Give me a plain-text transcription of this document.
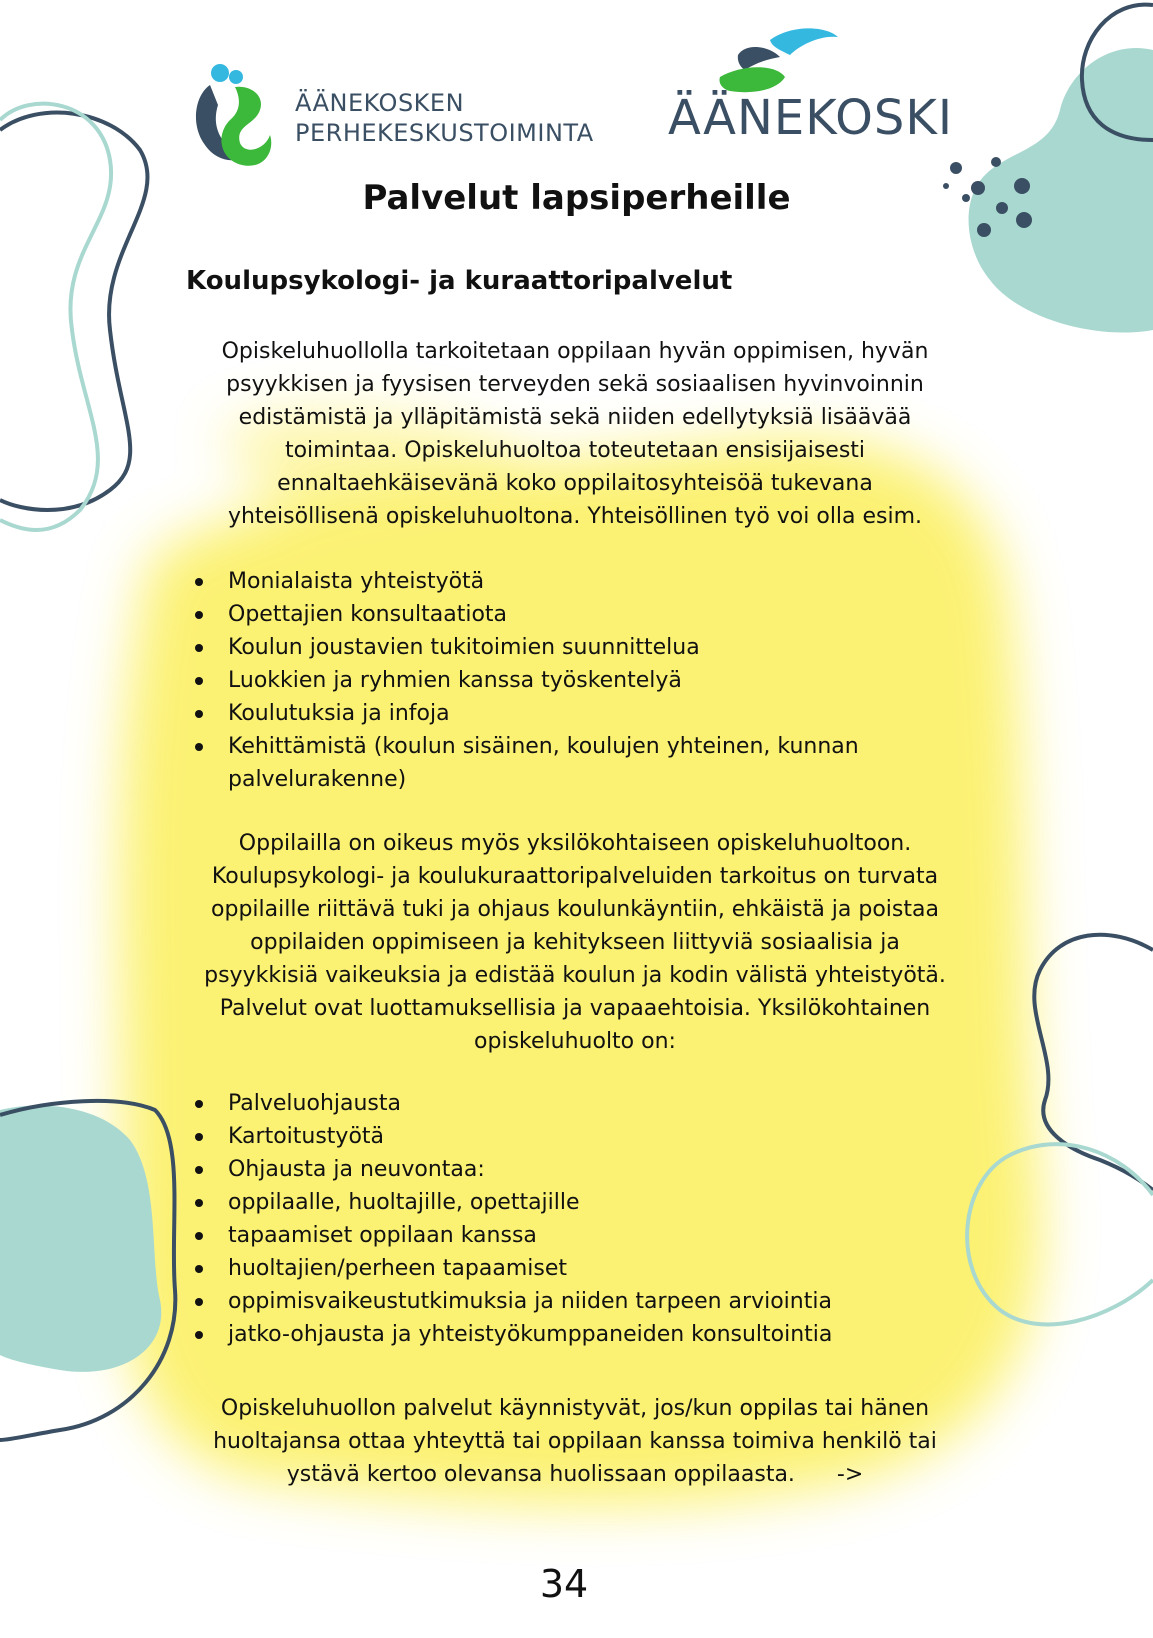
ÄÄNEKOSKEN
PERHEKESKUSTOIMINTA ÄÄNEKOSKI
Palvelut lapsiperheille
Koulupsykologi- ja kuraattoripalvelut
Opiskeluhuollolla tarkoitetaan oppilaan hyvän oppimisen, hyvän
psyykkisen ja fyysisen terveyden sekä sosiaalisen hyvinvoinnin
edistämistä ja ylläpitämistä sekä niiden edellytyksiä lisäävää
toimintaa. Opiskeluhuoltoa toteutetaan ensisijaisesti
ennaltaehkäisevänä koko oppilaitosyhteisöä tukevana
yhteisöllisenä opiskeluhuoltona. Yhteisöllinen työ voi olla esim.
Monialaista yhteistyötä
Opettajien konsultaatiota
Koulun joustavien tukitoimien suunnittelua
Luokkien ja ryhmien kanssa työskentelyä
Koulutuksia ja infoja
Kehittämistä (koulun sisäinen, koulujen yhteinen, kunnan palvelurakenne)
Oppilailla on oikeus myös yksilökohtaiseen opiskeluhuoltoon.
Koulupsykologi- ja koulukuraattoripalveluiden tarkoitus on turvata
oppilaille riittävä tuki ja ohjaus koulunkäyntiin, ehkäistä ja poistaa
oppilaiden oppimiseen ja kehitykseen liittyviä sosiaalisia ja
psyykkisiä vaikeuksia ja edistää koulun ja kodin välistä yhteistyötä.
Palvelut ovat luottamuksellisia ja vapaaehtoisia. Yksilökohtainen
opiskeluhuolto on:
Palveluohjausta
Kartoitustyötä
Ohjausta ja neuvontaa:
oppilaalle, huoltajille, opettajille
tapaamiset oppilaan kanssa
huoltajien/perheen tapaamiset
oppimisvaikeustutkimuksia ja niiden tarpeen arviointia
jatko-ohjausta ja yhteistyökumppaneiden konsultointia
Opiskeluhuollon palvelut käynnistyvät, jos/kun oppilas tai hänen
huoltajansa ottaa yhteyttä tai oppilaan kanssa toimiva henkilö tai
ystävä kertoo olevansa huolissaan oppilaasta.      ->
34
